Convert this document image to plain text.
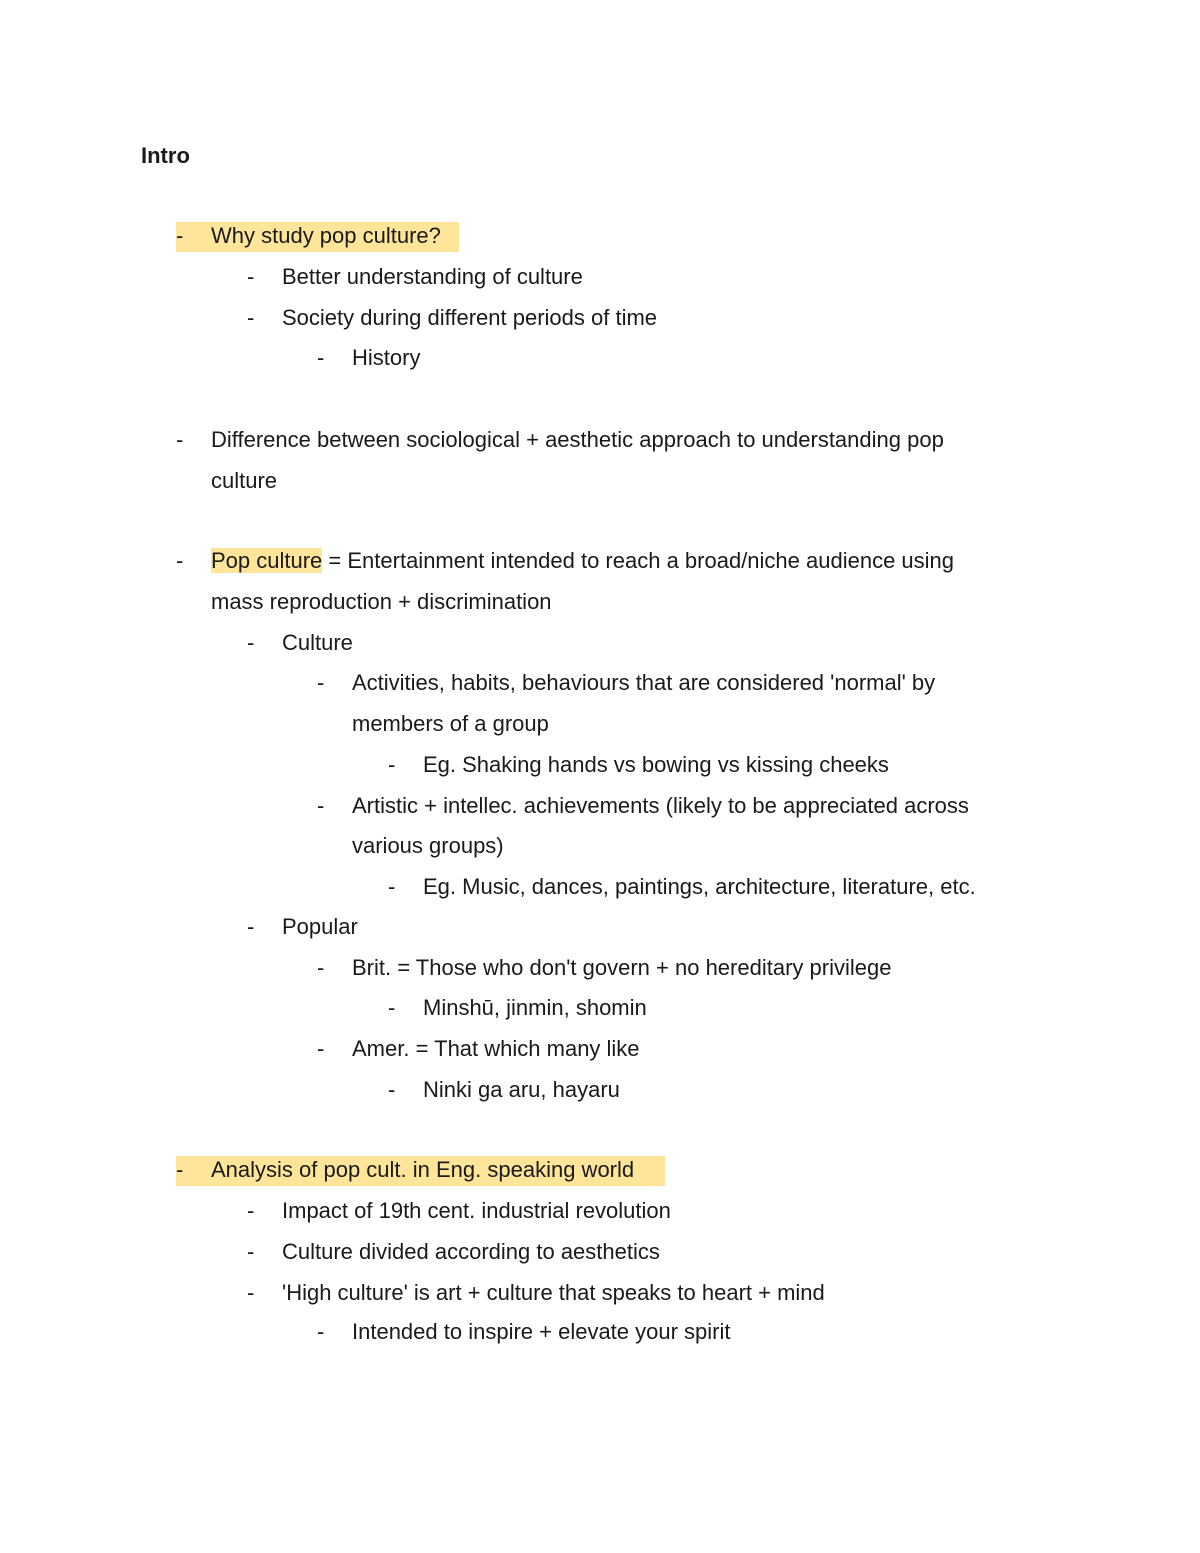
Intro
- Why study pop culture?
- Better understanding of culture
- Society during different periods of time
- History
- Difference between sociological + aesthetic approach to understanding pop
culture
- Pop culture = Entertainment intended to reach a broad/niche audience using
mass reproduction + discrimination
- Culture
- Activities, habits, behaviours that are considered 'normal' by
members of a group
- Eg. Shaking hands vs bowing vs kissing cheeks
- Artistic + intellec. achievements (likely to be appreciated across
various groups)
- Eg. Music, dances, paintings, architecture, literature, etc.
- Popular
- Brit. = Those who don't govern + no hereditary privilege
- Minshū, jinmin, shomin
- Amer. = That which many like
- Ninki ga aru, hayaru
- Analysis of pop cult. in Eng. speaking world
- Impact of 19th cent. industrial revolution
- Culture divided according to aesthetics
- 'High culture' is art + culture that speaks to heart + mind
- Intended to inspire + elevate your spirit
